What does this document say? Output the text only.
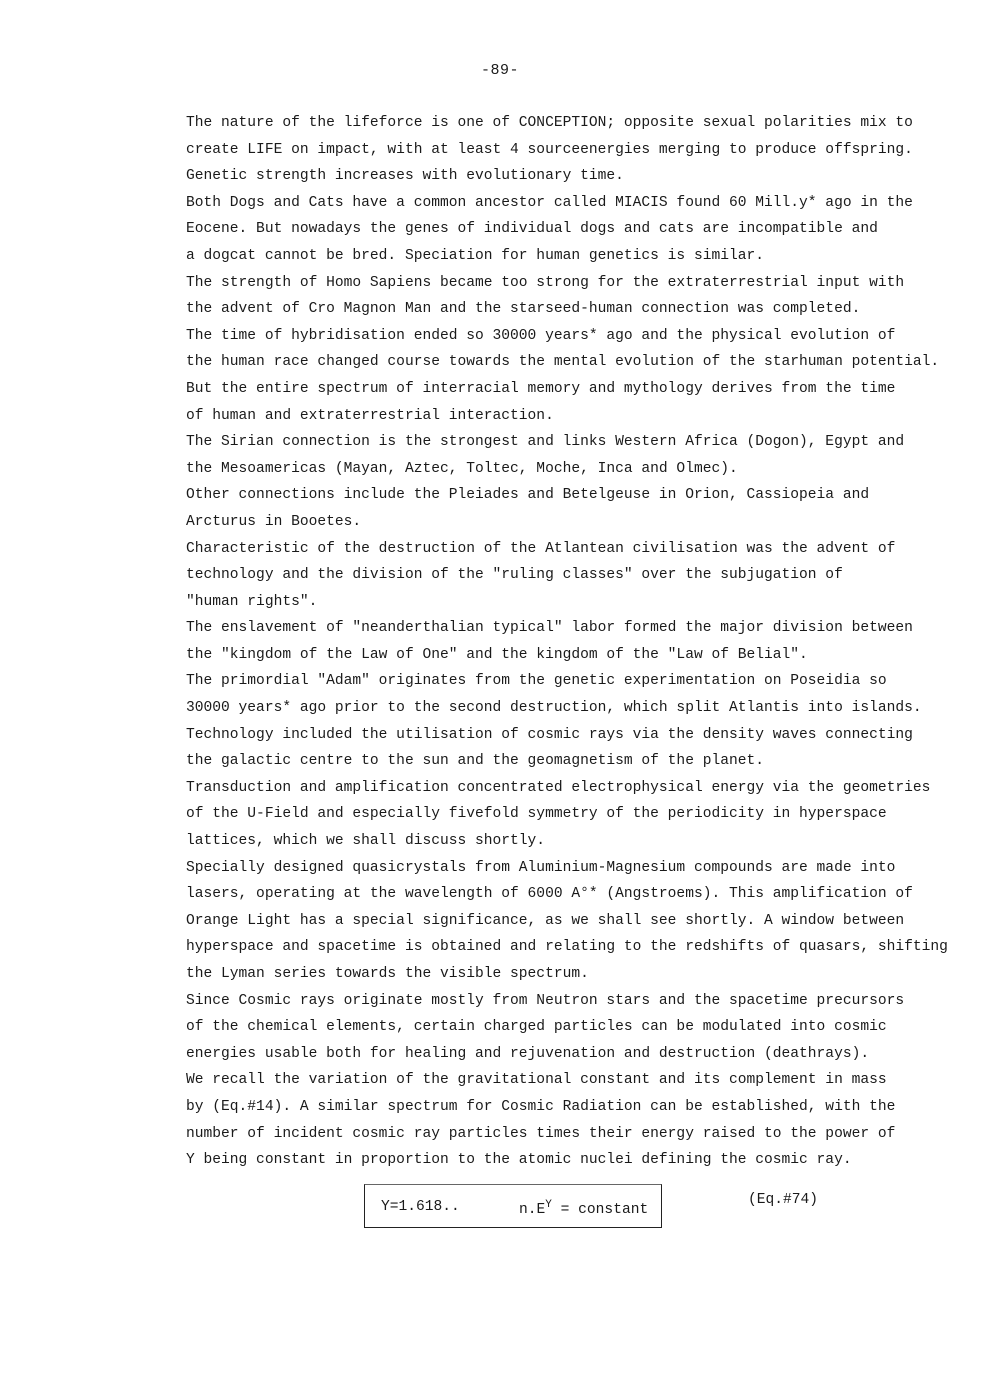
-89-
The nature of the lifeforce is one of CONCEPTION; opposite sexual polarities mix to
create LIFE on impact, with at least 4 sourceenergies merging to produce offspring.
Genetic strength increases with evolutionary time.
Both Dogs and Cats have a common ancestor called MIACIS found 60 Mill.y* ago in the
Eocene. But nowadays the genes of individual dogs and cats are incompatible and
a dogcat cannot be bred. Speciation for human genetics is similar.
The strength of Homo Sapiens became too strong for the extraterrestrial input with
the advent of Cro Magnon Man and the starseed-human connection was completed.
The time of hybridisation ended so 30000 years* ago and the physical evolution of
the human race changed course towards the mental evolution of the starhuman potential.
But the entire spectrum of interracial memory and mythology derives from the time
of human and extraterrestrial interaction.
The Sirian connection is the strongest and links Western Africa (Dogon), Egypt and
the Mesoamericas (Mayan, Aztec, Toltec, Moche, Inca and Olmec).
Other connections include the Pleiades and Betelgeuse in Orion, Cassiopeia and
Arcturus in Booetes.
Characteristic of the destruction of the Atlantean civilisation was the advent of
technology and the division of the "ruling classes" over the subjugation of
"human rights".
The enslavement of "neanderthalian typical" labor formed the major division between
the "kingdom of the Law of One" and the kingdom of the "Law of Belial".
The primordial "Adam" originates from the genetic experimentation on Poseidia so
30000 years* ago prior to the second destruction, which split Atlantis into islands.
Technology included the utilisation of cosmic rays via the density waves connecting
the galactic centre to the sun and the geomagnetism of the planet.
Transduction and amplification concentrated electrophysical energy via the geometries
of the U-Field and especially fivefold symmetry of the periodicity in hyperspace
lattices, which we shall discuss shortly.
Specially designed quasicrystals from Aluminium-Magnesium compounds are made into
lasers, operating at the wavelength of 6000 A°* (Angstroems). This amplification of
Orange Light has a special significance, as we shall see shortly. A window between
hyperspace and spacetime is obtained and relating to the redshifts of quasars, shifting
the Lyman series towards the visible spectrum.
Since Cosmic rays originate mostly from Neutron stars and the spacetime precursors
of the chemical elements, certain charged particles can be modulated into cosmic
energies usable both for healing and rejuvenation and destruction (deathrays).
We recall the variation of the gravitational constant and its complement in mass
by (Eq.#14). A similar spectrum for Cosmic Radiation can be established, with the
number of incident cosmic ray particles times their energy raised to the power of
Y being constant in proportion to the atomic nuclei defining the cosmic ray.
Y=1.618..	$n.E^Y$ = constant
(Eq.#74)
